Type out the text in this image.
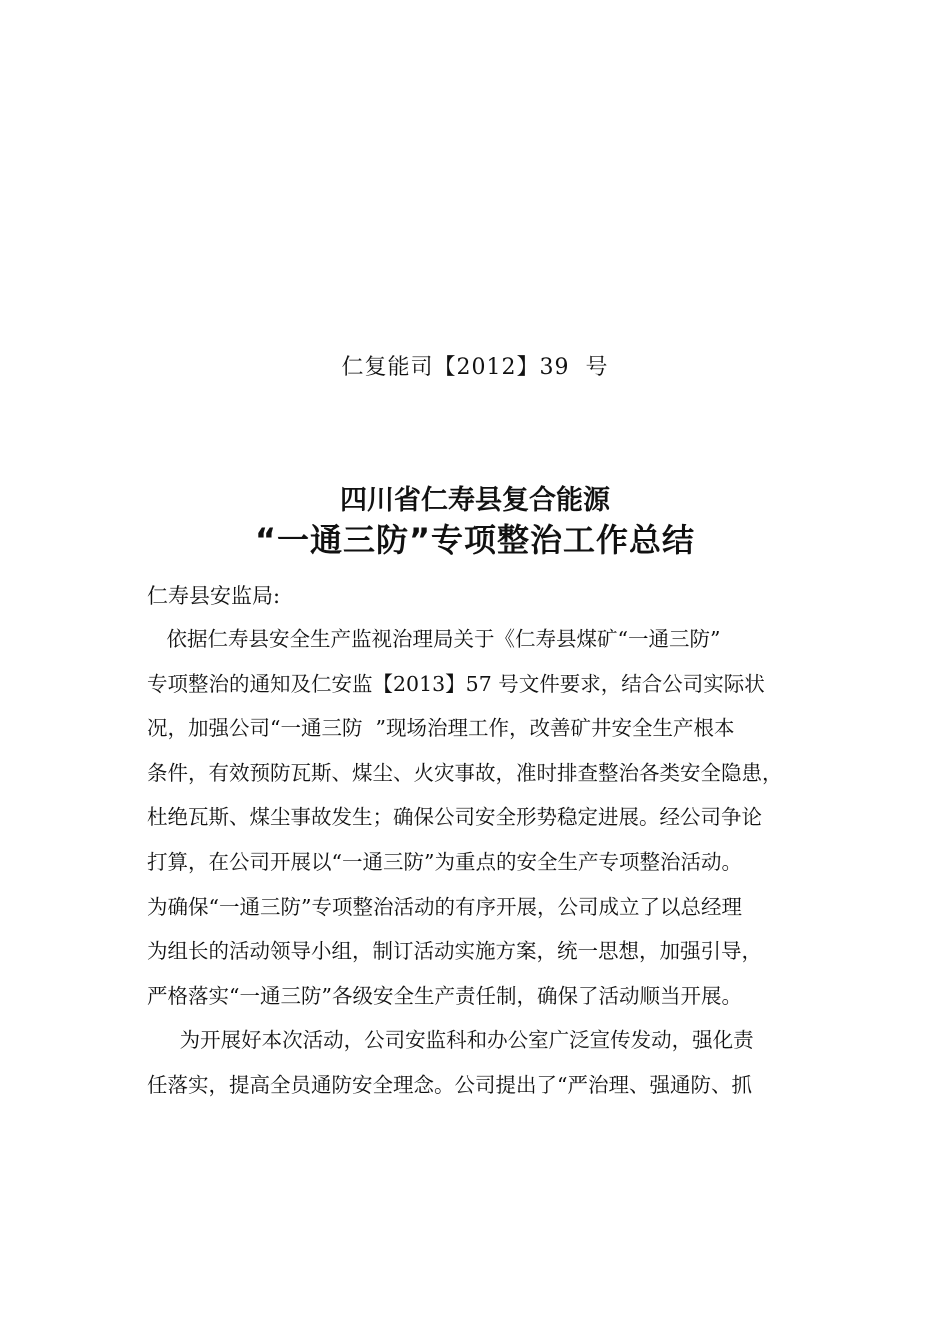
仁复能司【2012】39  号
四川省仁寿县复合能源
“一通三防”专项整治工作总结
仁寿县安监局:
依据仁寿县安全生产监视治理局关于《仁寿县煤矿“一通三防”
专项整治的通知及仁安监【2013】57 号文件要求，结合公司实际状
况，加强公司“一通三防  ”现场治理工作，改善矿井安全生产根本
条件，有效预防瓦斯、煤尘、火灾事故，准时排查整治各类安全隐患，
杜绝瓦斯、煤尘事故发生；确保公司安全形势稳定进展。经公司争论
打算，在公司开展以“一通三防”为重点的安全生产专项整治活动。
为确保“一通三防”专项整治活动的有序开展，公司成立了以总经理
为组长的活动领导小组，制订活动实施方案，统一思想，加强引导，
严格落实“一通三防”各级安全生产责任制，确保了活动顺当开展。
为开展好本次活动，公司安监科和办公室广泛宣传发动，强化责
任落实，提高全员通防安全理念。公司提出了“严治理、强通防、抓
